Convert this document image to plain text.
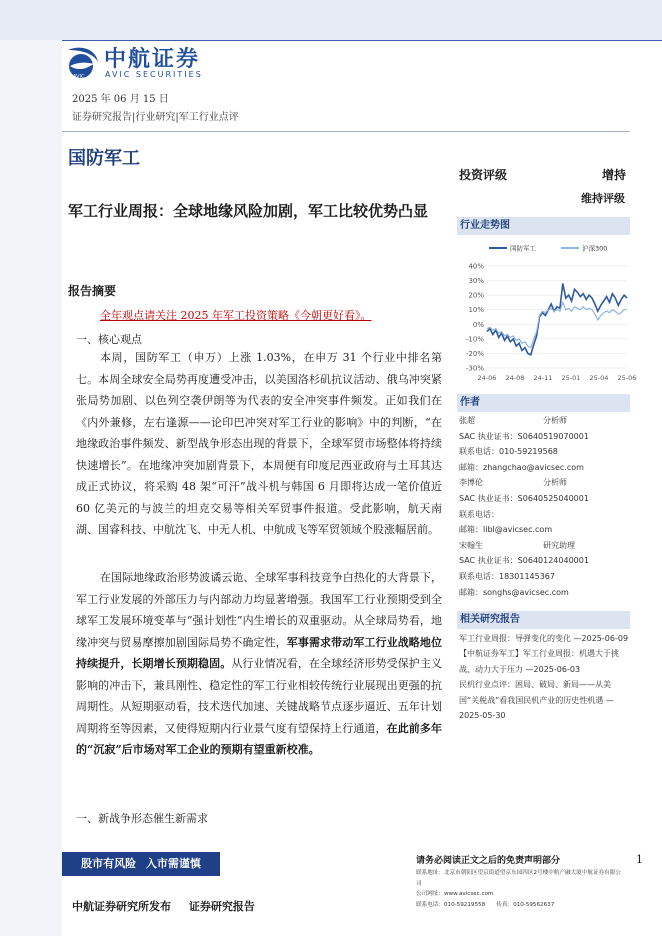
AVIC
中航证券
AVIC SECURITIES
2025 年 06 月 15 日
证券研究报告|行业研究|军工行业点评
国防军工
军工行业周报：全球地缘风险加剧，军工比较优势凸显
投资评级	增持
维持评级
行业走势图
40%
30%
20%
10%
0%
-10%
-20%
-30%
24-06 24-08 24-11 25-01 25-04 25-06
国防军工	沪深300
报告摘要
全年观点请关注 2025 年军工投资策略《今朝更好看》。
一、核心观点
本周，国防军工（申万）上涨 1.03%，在申万 31 个行业中排名第七。本周全球安全局势再度遭受冲击，以美国洛杉矶抗议活动、俄乌冲突紧张局势加剧、以色列空袭伊朗等为代表的安全冲突事件频发。正如我们在《内外兼修，左右逢源——论印巴冲突对军工行业的影响》中的判断，“在地缘政治事件频发、新型战争形态出现的背景下，全球军贸市场整体将持续快速增长”。在地缘冲突加剧背景下，本周便有印度尼西亚政府与土耳其达成正式协议，将采购 48 架“可汗”战斗机与韩国 6 月即将达成一笔价值近 60 亿美元的与波兰的坦克交易等相关军贸事件报道。受此影响，航天南湖、国睿科技、中航沈飞、中无人机、中航成飞等军贸领域个股涨幅居前。
在国际地缘政治形势波谲云诡、全球军事科技竞争白热化的大背景下，军工行业发展的外部压力与内部动力均显著增强。我国军工行业预期受到全球军工发展环境变革与“强计划性”内生增长的双重驱动。从全球局势看，地缘冲突与贸易摩擦加剧国际局势不确定性，军事需求带动军工行业战略地位持续提升，长期增长预期稳固。从行业情况看，在全球经济形势受保护主义影响的冲击下，兼具刚性、稳定性的军工行业相较传统行业展现出更强的抗周期性。从短期驱动看，技术迭代加速、关键战略节点逐步逼近、五年计划周期将至等因素，又使得短期内行业景气度有望保持上行通道，在此前多年的“沉寂”后市场对军工企业的预期有望重新校准。
一、新战争形态催生新需求
作者
张超	分析师
SAC 执业证书：S0640519070001
联系电话：010-59219568
邮箱：zhangchao@avicsec.com
李博伦	分析师
SAC 执业证书：S0640525040001
联系电话：
邮箱：libl@avicsec.com
宋翰生	研究助理
SAC 执业证书：S0640124040001
联系电话：18301145367
邮箱：songhs@avicsec.com
相关研究报告
军工行业周报：导弹变化的变化 —2025-06-09
【中航证券军工】军工行业周报：机遇大于挑战、动力大于压力 —2025-06-03
民机行业点评：困局、破局、新局——从美国“关税战”看我国民机产业的历史性机遇 —2025-05-30
股市有风险 入市需谨慎
中航证券研究所发布 证券研究报告
请务必阅读正文之后的免责声明部分	1
联系地址：北京市朝阳区望京街道望京东园四区2号楼中航产融大厦中航证券有限公司
公司网址：www.avicsec.com
联系电话：010-59219558　　传真：010-59562637
